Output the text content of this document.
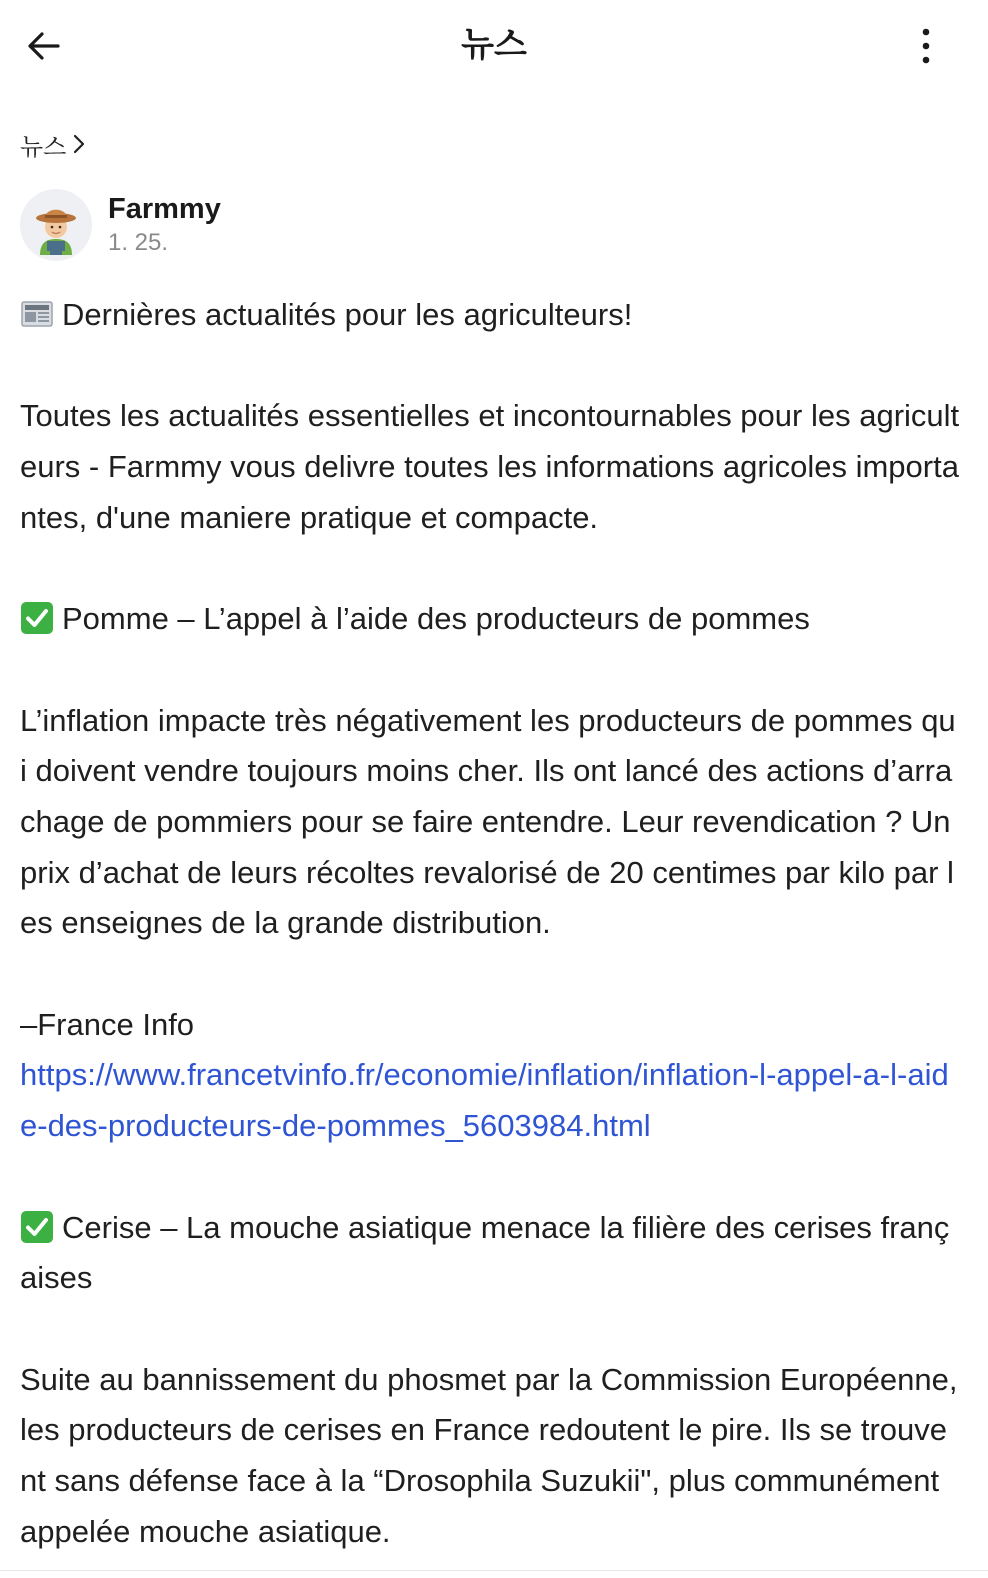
뉴스
뉴스
Farmmy
1. 25.

Dernières actualités pour les agriculteurs!

Toutes les actualités essentielles et incontournables pour les agriculteurs - Farmmy vous delivre toutes les informations agricoles importantes, d'une maniere pratique et compacte.

Pomme – L’appel à l’aide des producteurs de pommes

L’inflation impacte très négativement les producteurs de pommes qui doivent vendre toujours moins cher. Ils ont lancé des actions d’arrachage de pommiers pour se faire entendre. Leur revendication ? Un prix d’achat de leurs récoltes revalorisé de 20 centimes par kilo par les enseignes de la grande distribution.

–France Info

https://www.francetvinfo.fr/economie/inflation/inflation-l-appel-a-l-aide-des-producteurs-de-pommes_5603984.html

Cerise – La mouche asiatique menace la filière des cerises françaises

Suite au bannissement du phosmet par la Commission Européenne, les producteurs de cerises en France redoutent le pire. Ils se trouvent sans défense face à la “Drosophila Suzukii", plus communément appelée mouche asiatique.
